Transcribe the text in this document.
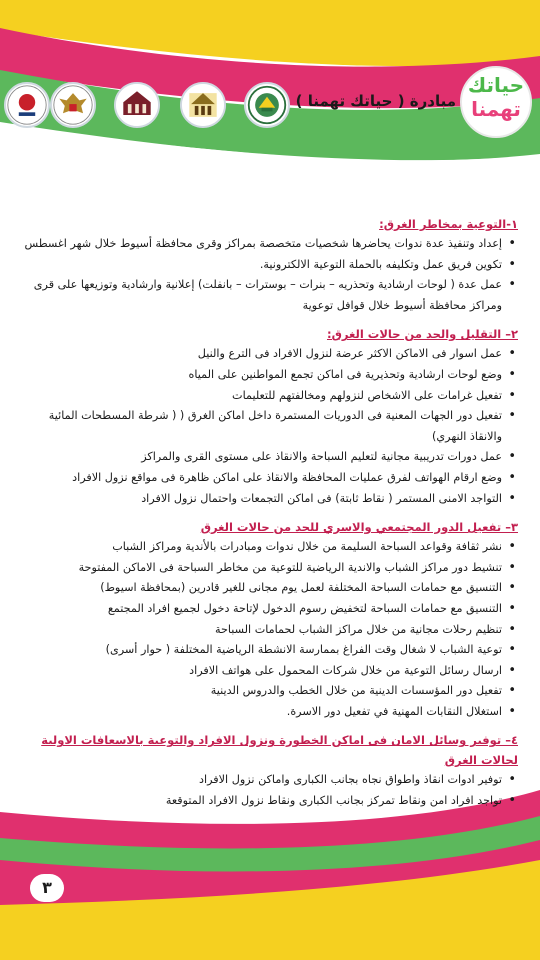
حياتك
تهمنا
مبادرة ( حياتك تهمنا )
١-التوعية بمخاطر الغرق:
• إعداد وتنفيذ عدة ندوات يحاضرها شخصيات متخصصة بمراكز وقرى محافظة أسيوط خلال شهر اغسطس
• تكوين فريق عمل وتكليفه بالحملة التوعية الالكترونية.
• عمل عدة ( لوحات ارشادية وتحذريه – بنرات – بوسترات – بانفلت) إعلانية وارشادية وتوزيعها على قرى ومراكز محافظة أسيوط خلال قوافل توعوية
٢– التقليل والحد من حالات الغرق:
• عمل اسوار فى الاماكن الاكثر عرضة لنزول الافراد فى الترع والنيل
• وضع لوحات ارشادية وتحذيرية فى اماكن تجمع المواطنين على المياه
• تفعيل غرامات على الاشخاص لنزولهم ومخالفتهم للتعليمات
• تفعيل دور الجهات المعنية فى الدوريات المستمرة داخل اماكن الغرق ( ( شرطة المسطحات المائية والانقاذ النهري)
• عمل دورات تدريبية مجانية لتعليم السباحة والانقاذ على مستوى القرى والمراكز
• وضع ارقام الهواتف لفرق عمليات المحافظة والانقاذ على اماكن ظاهرة فى مواقع نزول الافراد
• التواجد الامنى المستمر ( نقاط ثابتة) فى اماكن التجمعات واحتمال نزول الافراد
٣– تفعيل الدور المجتمعي والاسري للحد من حالات الغرق
• نشر ثقافة وقواعد السباحة السليمة من خلال ندوات ومبادرات بالأندية ومراكز الشباب
• تنشيط دور مراكز الشباب والاندية الرياضية للتوعية من مخاطر السباحة فى الاماكن المفتوحة
• التنسيق مع حمامات السباحة المختلفة لعمل يوم مجانى للغير قادرين (بمحافظة اسيوط)
• التنسيق مع حمامات السباحة لتخفيض رسوم الدخول لإتاحة دخول لجميع افراد المجتمع
• تنظيم رحلات مجانية من خلال مراكز الشباب لحمامات السباحة
• توعية الشباب لا شغال وقت الفراغ بممارسة الانشطة الرياضية المختلفة ( حوار أسرى)
• ارسال رسائل التوعية من خلال شركات المحمول على هواتف الافراد
• تفعيل دور المؤسسات الدينية من خلال الخطب والدروس الدينية
• استغلال النقابات المهنية في تفعيل دور الاسرة.
٤– توفير وسائل الامان فى اماكن الخطورة ونزول الافراد والتوعية بالاسعافات الاولية لحالات الغرق
• توفير ادوات انقاذ واطواق نجاه بجانب الكبارى واماكن نزول الافراد
• تواجد افراد امن ونقاط تمركز بجانب الكبارى ونقاط نزول الافراد المتوقعة
٣
